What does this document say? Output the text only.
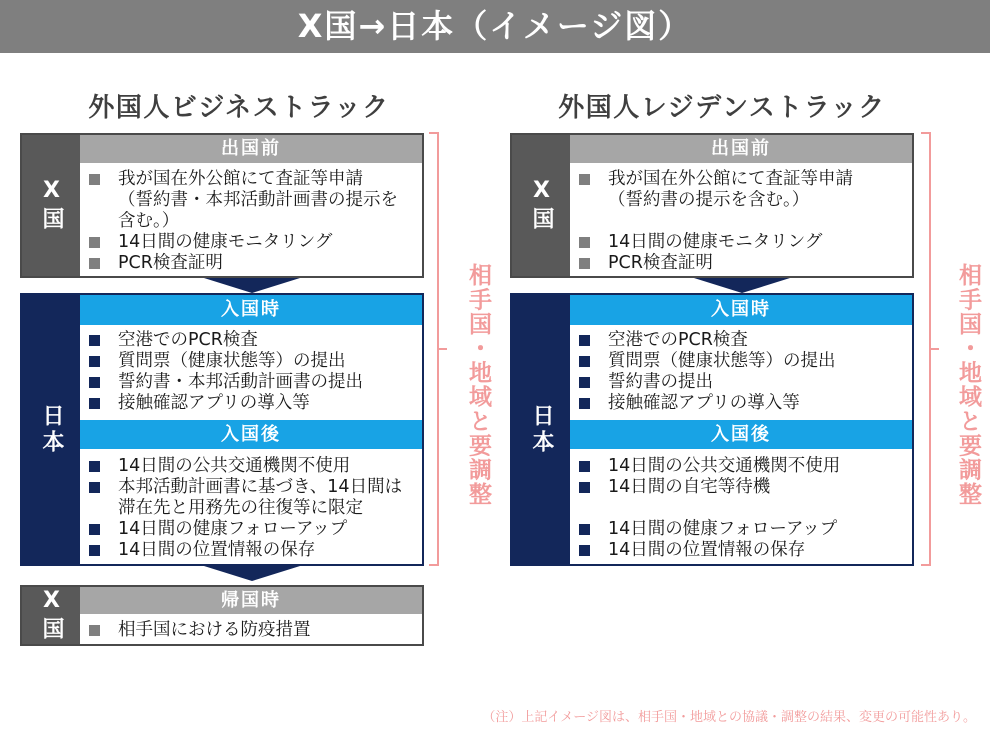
X国→日本（イメージ図）
外国人ビジネストラック
X国
出国前
我が国在外公館にて査証等申請
（誓約書・本邦活動計画書の提示を
含む。）
14日間の健康モニタリング
PCR検査証明
日本
入国時
空港でのPCR検査
質問票（健康状態等）の提出
誓約書・本邦活動計画書の提出
接触確認アプリの導入等
入国後
14日間の公共交通機関不使用
本邦活動計画書に基づき、14日間は
滞在先と用務先の往復等に限定
14日間の健康フォローアップ
14日間の位置情報の保存
X国	帰国時
相手国における防疫措置
相手国・地域と要調整
外国人レジデンストラック
X国
出国前
我が国在外公館にて査証等申請
（誓約書の提示を含む。）
14日間の健康モニタリング
PCR検査証明
日本
入国時
空港でのPCR検査
質問票（健康状態等）の提出
誓約書の提出
接触確認アプリの導入等
入国後
14日間の公共交通機関不使用
14日間の自宅等待機
14日間の健康フォローアップ
14日間の位置情報の保存
相手国・地域と要調整
（注）上記イメージ図は、相手国・地域との協議・調整の結果、変更の可能性あり。
